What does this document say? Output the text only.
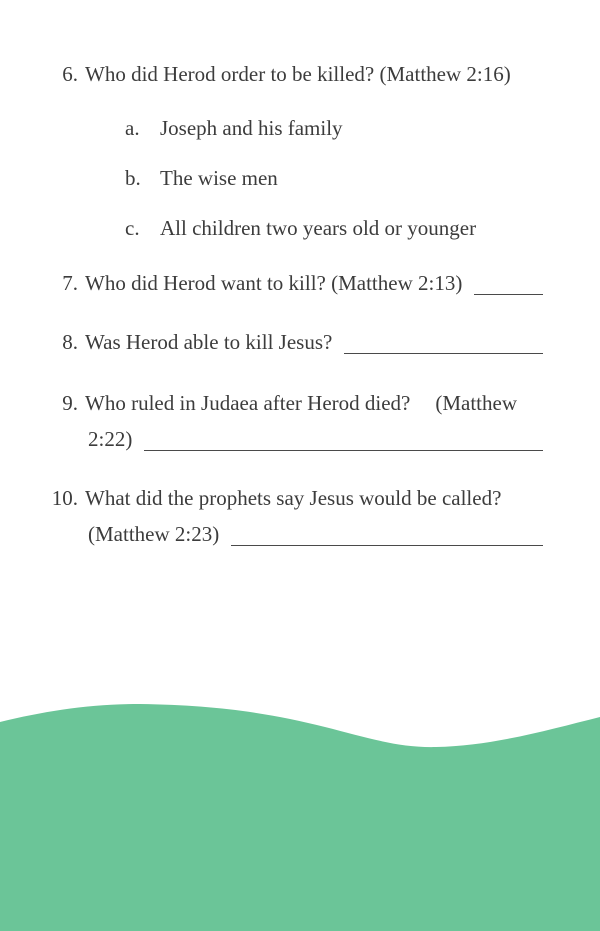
6. Who did Herod order to be killed? (Matthew 2:16)
a. Joseph and his family
b. The wise men
c. All children two years old or younger
7. Who did Herod want to kill? (Matthew 2:13)
8. Was Herod able to kill Jesus?
9. Who ruled in Judaea after Herod died? (Matthew
2:22)
10. What did the prophets say Jesus would be called?
(Matthew 2:23)
